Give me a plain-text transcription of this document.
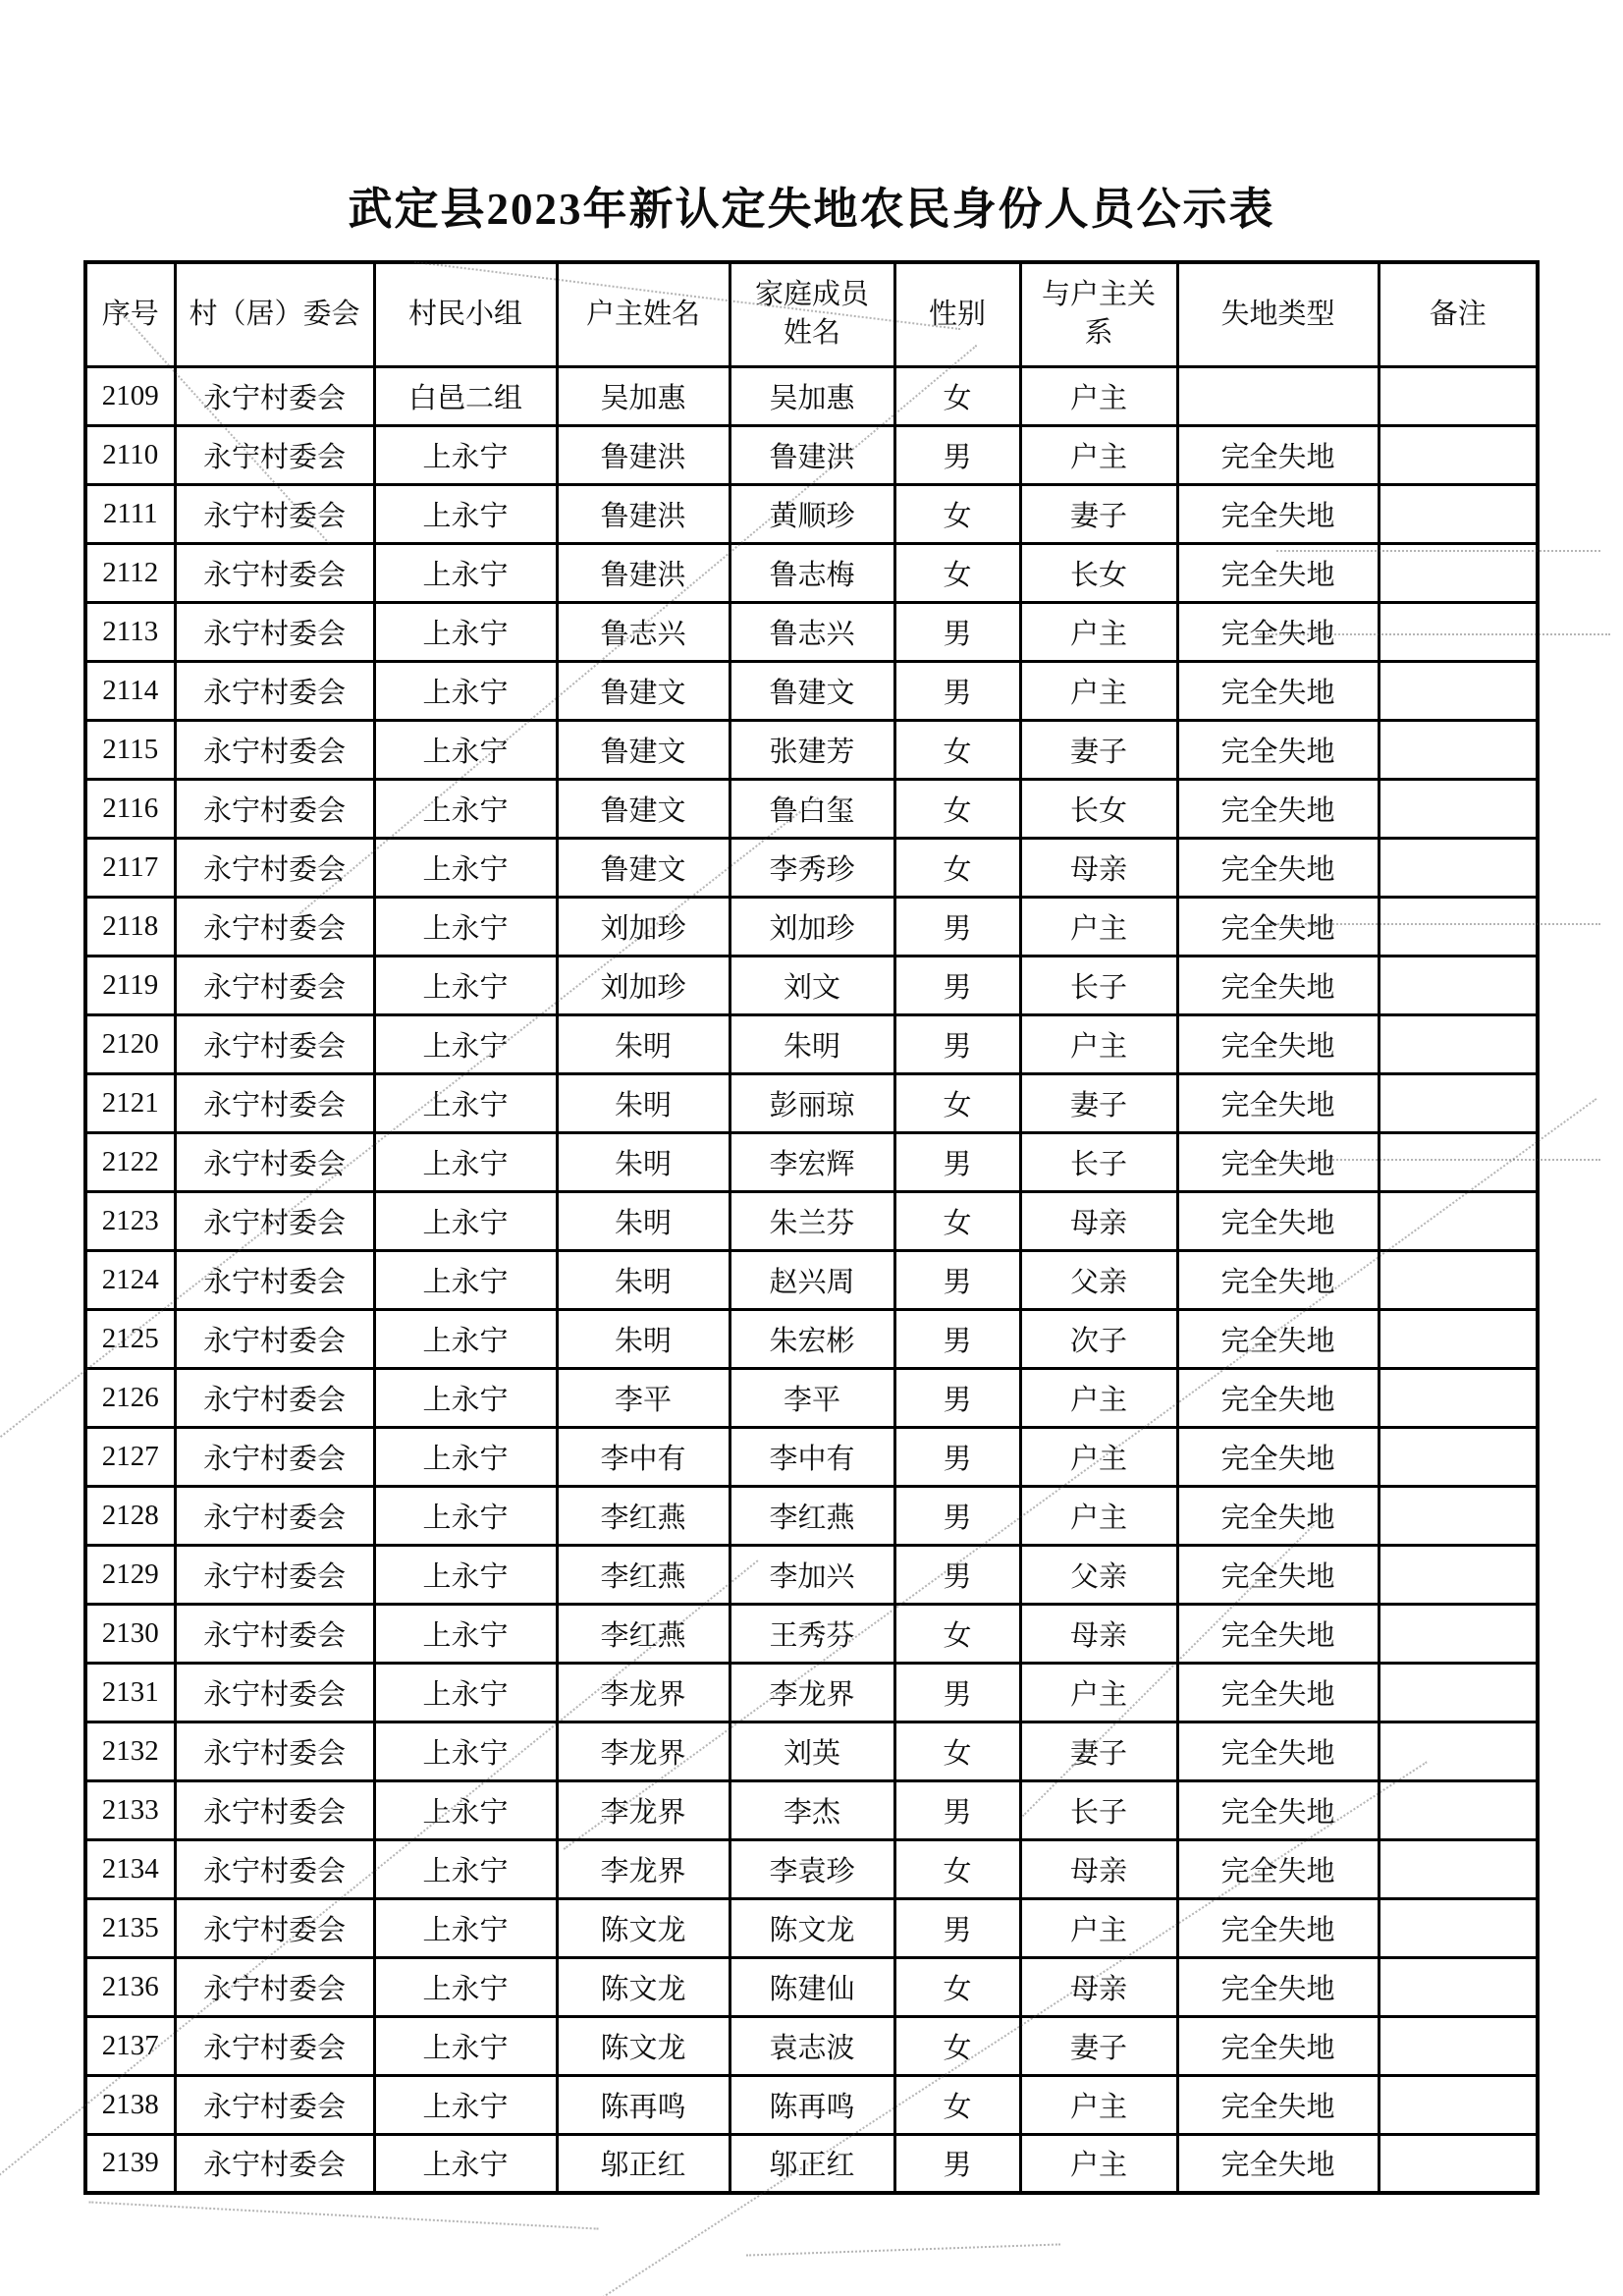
武定县2023年新认定失地农民身份人员公示表
序号	村（居）委会	村民小组	户主姓名	家庭成员姓名	性别	与户主关系	失地类型	备注
2109	永宁村委会	白邑二组	吴加惠	吴加惠	女	户主		
2110	永宁村委会	上永宁	鲁建洪	鲁建洪	男	户主	完全失地	
2111	永宁村委会	上永宁	鲁建洪	黄顺珍	女	妻子	完全失地	
2112	永宁村委会	上永宁	鲁建洪	鲁志梅	女	长女	完全失地	
2113	永宁村委会	上永宁	鲁志兴	鲁志兴	男	户主	完全失地	
2114	永宁村委会	上永宁	鲁建文	鲁建文	男	户主	完全失地	
2115	永宁村委会	上永宁	鲁建文	张建芳	女	妻子	完全失地	
2116	永宁村委会	上永宁	鲁建文	鲁白玺	女	长女	完全失地	
2117	永宁村委会	上永宁	鲁建文	李秀珍	女	母亲	完全失地	
2118	永宁村委会	上永宁	刘加珍	刘加珍	男	户主	完全失地	
2119	永宁村委会	上永宁	刘加珍	刘文	男	长子	完全失地	
2120	永宁村委会	上永宁	朱明	朱明	男	户主	完全失地	
2121	永宁村委会	上永宁	朱明	彭丽琼	女	妻子	完全失地	
2122	永宁村委会	上永宁	朱明	李宏辉	男	长子	完全失地	
2123	永宁村委会	上永宁	朱明	朱兰芬	女	母亲	完全失地	
2124	永宁村委会	上永宁	朱明	赵兴周	男	父亲	完全失地	
2125	永宁村委会	上永宁	朱明	朱宏彬	男	次子	完全失地	
2126	永宁村委会	上永宁	李平	李平	男	户主	完全失地	
2127	永宁村委会	上永宁	李中有	李中有	男	户主	完全失地	
2128	永宁村委会	上永宁	李红燕	李红燕	男	户主	完全失地	
2129	永宁村委会	上永宁	李红燕	李加兴	男	父亲	完全失地	
2130	永宁村委会	上永宁	李红燕	王秀芬	女	母亲	完全失地	
2131	永宁村委会	上永宁	李龙界	李龙界	男	户主	完全失地	
2132	永宁村委会	上永宁	李龙界	刘英	女	妻子	完全失地	
2133	永宁村委会	上永宁	李龙界	李杰	男	长子	完全失地	
2134	永宁村委会	上永宁	李龙界	李袁珍	女	母亲	完全失地	
2135	永宁村委会	上永宁	陈文龙	陈文龙	男	户主	完全失地	
2136	永宁村委会	上永宁	陈文龙	陈建仙	女	母亲	完全失地	
2137	永宁村委会	上永宁	陈文龙	袁志波	女	妻子	完全失地	
2138	永宁村委会	上永宁	陈再鸣	陈再鸣	女	户主	完全失地	
2139	永宁村委会	上永宁	邬正红	邬正红	男	户主	完全失地	
